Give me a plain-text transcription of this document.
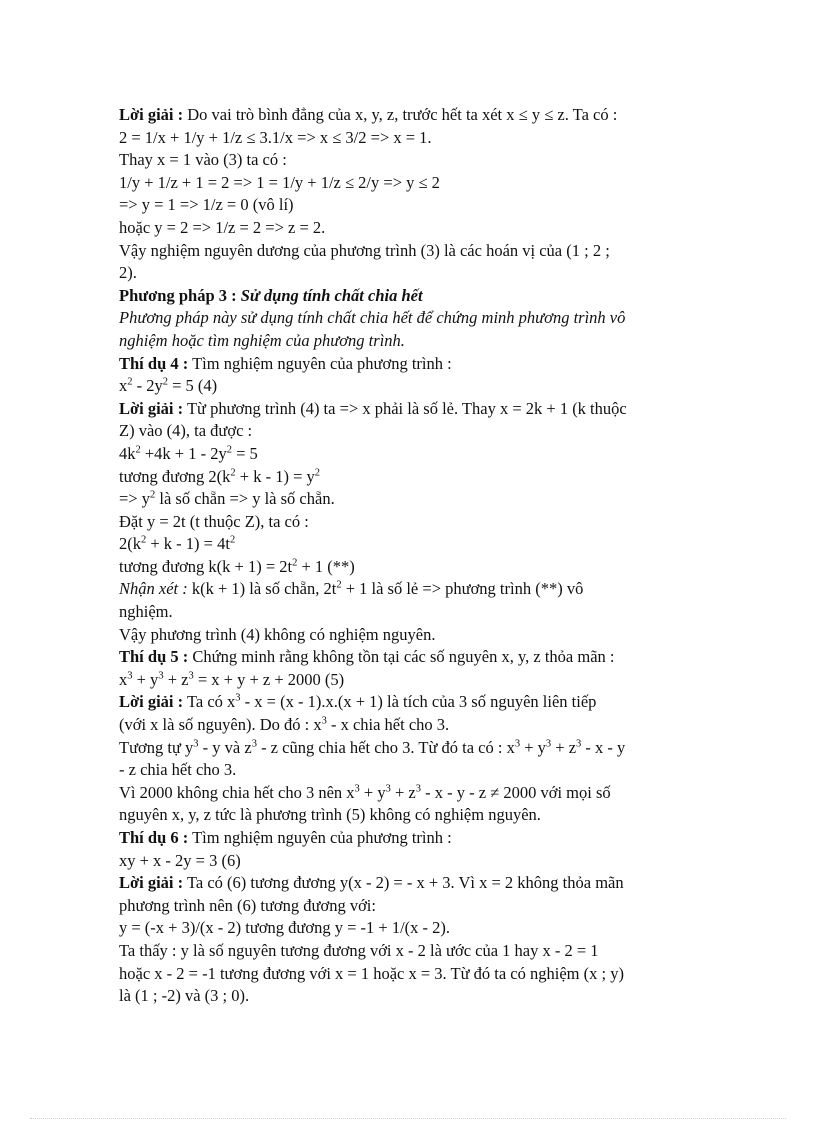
Lời giải : Do vai trò bình đẳng của x, y, z, trước hết ta xét x ≤ y ≤ z. Ta có :
2 = 1/x + 1/y + 1/z ≤ 3.1/x => x ≤ 3/2 => x = 1.
Thay x = 1 vào (3) ta có :
1/y + 1/z + 1 = 2 => 1 = 1/y + 1/z ≤ 2/y => y ≤ 2
=> y = 1 => 1/z = 0 (vô lí)
hoặc y = 2 => 1/z = 2 => z = 2.
Vậy nghiệm nguyên dương của phương trình (3) là các hoán vị của (1 ; 2 ;
2).
Phương pháp 3 : Sử dụng tính chất chia hết
Phương pháp này sử dụng tính chất chia hết để chứng minh phương trình vô
nghiệm hoặc tìm nghiệm của phương trình.
Thí dụ 4 : Tìm nghiệm nguyên của phương trình :
$x^2 - 2y^2 = 5$ (4)
Lời giải : Từ phương trình (4) ta => x phải là số lẻ. Thay x = 2k + 1 (k thuộc
Z) vào (4), ta được :
$4k^2 +4k + 1 - 2y^2 = 5$
tương đương $2(k^2 + k - 1) = y^2$
=> $y^2$ là số chẵn => y là số chẵn.
Đặt y = 2t (t thuộc Z), ta có :
$2(k^2 + k - 1) = 4t^2$
tương đương $k(k + 1) = 2t^2 + 1$ (**)
Nhận xét : k(k + 1) là số chẵn, $2t^2 + 1$ là số lẻ => phương trình (**) vô
nghiệm.
Vậy phương trình (4) không có nghiệm nguyên.
Thí dụ 5 : Chứng minh rằng không tồn tại các số nguyên x, y, z thỏa mãn :
$x^3 + y^3 + z^3 = x + y + z + 2000$ (5)
Lời giải : Ta có $x^3 - x = (x - 1).x.(x + 1)$ là tích của 3 số nguyên liên tiếp
(với x là số nguyên). Do đó : $x^3$ - x chia hết cho 3.
Tương tự $y^3$ - y và $z^3$ - z cũng chia hết cho 3. Từ đó ta có : $x^3 + y^3 + z^3 - x - y$
- z chia hết cho 3.
Vì 2000 không chia hết cho 3 nên $x^3 + y^3 + z^3 - x - y - z \ne 2000$ với mọi số
nguyên x, y, z tức là phương trình (5) không có nghiệm nguyên.
Thí dụ 6 : Tìm nghiệm nguyên của phương trình :
xy + x - 2y = 3 (6)
Lời giải : Ta có (6) tương đương y(x - 2) = - x + 3. Vì x = 2 không thỏa mãn
phương trình nên (6) tương đương với:
y = (-x + 3)/(x - 2) tương đương y = -1 + 1/(x - 2).
Ta thấy : y là số nguyên tương đương với x - 2 là ước của 1 hay x - 2 = 1
hoặc x - 2 = -1 tương đương với x = 1 hoặc x = 3. Từ đó ta có nghiệm (x ; y)
là (1 ; -2) và (3 ; 0).
